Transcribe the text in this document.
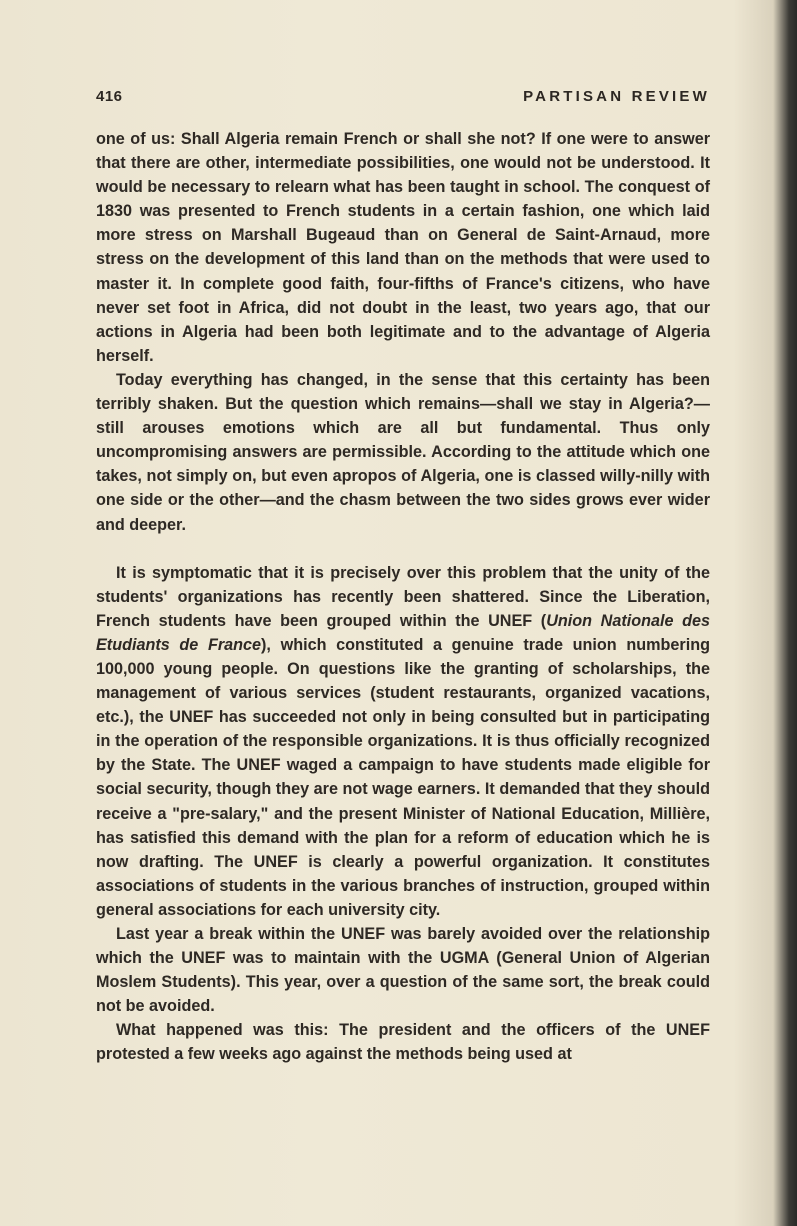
416	PARTISAN REVIEW

one of us: Shall Algeria remain French or shall she not? If one were to answer that there are other, intermediate possibilities, one would not be understood. It would be necessary to relearn what has been taught in school. The conquest of 1830 was presented to French students in a certain fashion, one which laid more stress on Marshall Bugeaud than on General de Saint-Arnaud, more stress on the development of this land than on the methods that were used to master it. In complete good faith, four-fifths of France's citizens, who have never set foot in Africa, did not doubt in the least, two years ago, that our actions in Algeria had been both legitimate and to the advantage of Algeria herself.

Today everything has changed, in the sense that this certainty has been terribly shaken. But the question which remains—shall we stay in Algeria?—still arouses emotions which are all but fundamental. Thus only uncompromising answers are permissible. According to the attitude which one takes, not simply on, but even apropos of Algeria, one is classed willy-nilly with one side or the other—and the chasm between the two sides grows ever wider and deeper.

It is symptomatic that it is precisely over this problem that the unity of the students' organizations has recently been shattered. Since the Liberation, French students have been grouped within the UNEF (Union Nationale des Etudiants de France), which constituted a genuine trade union numbering 100,000 young people. On questions like the granting of scholarships, the management of various services (student restaurants, organized vacations, etc.), the UNEF has succeeded not only in being consulted but in participating in the operation of the responsible organizations. It is thus officially recognized by the State. The UNEF waged a campaign to have students made eligible for social security, though they are not wage earners. It demanded that they should receive a "pre-salary," and the present Minister of National Education, Millière, has satisfied this demand with the plan for a reform of education which he is now drafting. The UNEF is clearly a powerful organization. It constitutes associations of students in the various branches of instruction, grouped within general associations for each university city.

Last year a break within the UNEF was barely avoided over the relationship which the UNEF was to maintain with the UGMA (General Union of Algerian Moslem Students). This year, over a question of the same sort, the break could not be avoided.

What happened was this: The president and the officers of the UNEF protested a few weeks ago against the methods being used at
